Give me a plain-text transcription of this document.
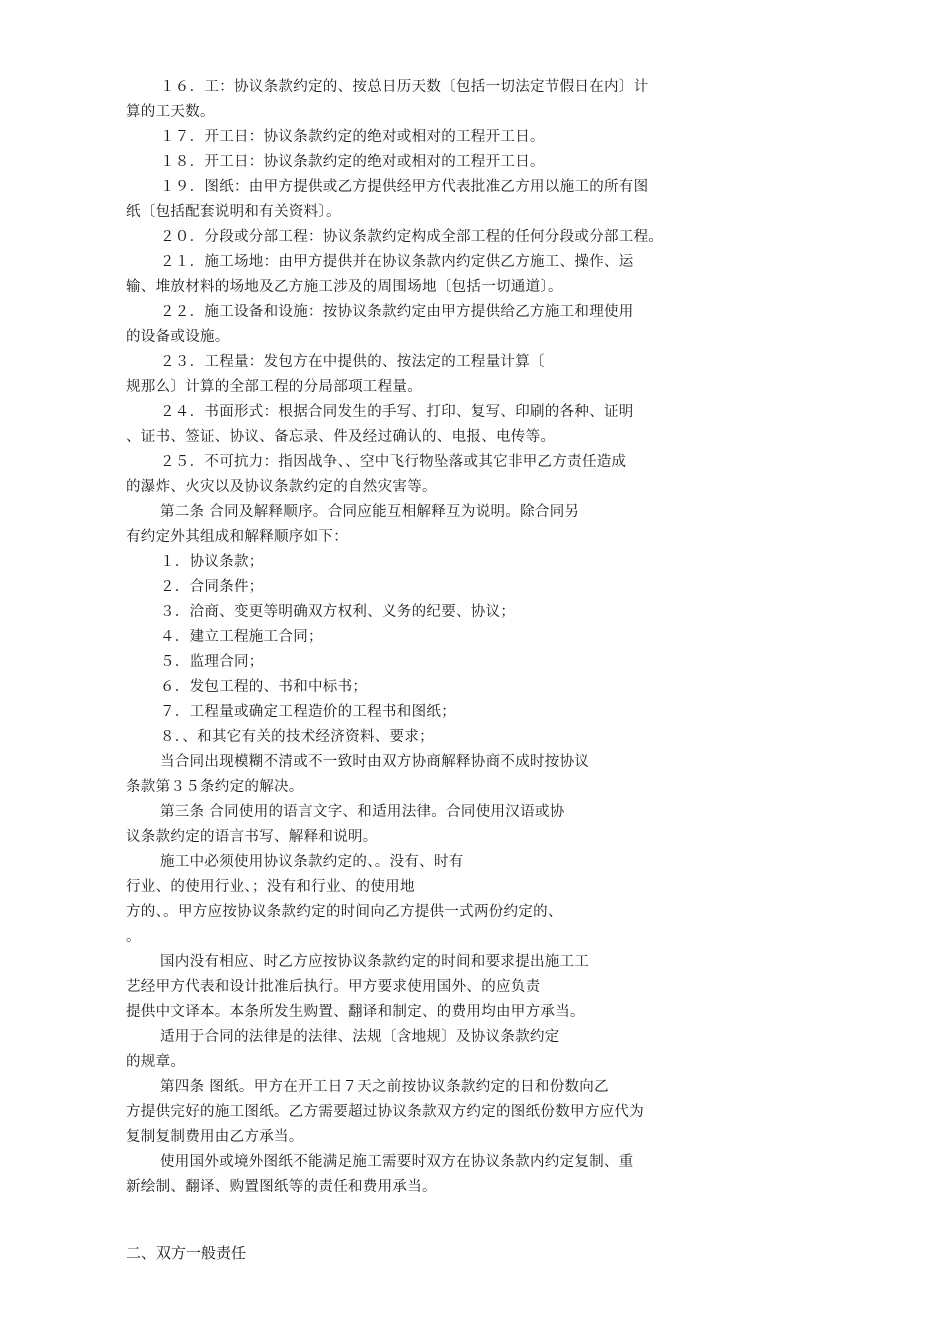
１６．工：协议条款约定的、按总日历天数〔包括一切法定节假日在内〕计
算的工天数。
１７．开工日：协议条款约定的绝对或相对的工程开工日。
１８．开工日：协议条款约定的绝对或相对的工程开工日。
１９．图纸：由甲方提供或乙方提供经甲方代表批准乙方用以施工的所有图
纸〔包括配套说明和有关资料〕。
２０．分段或分部工程：协议条款约定构成全部工程的任何分段或分部工程。
２１．施工场地：由甲方提供并在协议条款内约定供乙方施工、操作、运
输、堆放材料的场地及乙方施工涉及的周围场地〔包括一切通道〕。
２２．施工设备和设施：按协议条款约定由甲方提供给乙方施工和理使用
的设备或设施。
２３．工程量：发包方在中提供的、按法定的工程量计算〔
规那么〕计算的全部工程的分局部项工程量。
２４．书面形式：根据合同发生的手写、打印、复写、印刷的各种、证明
、证书、签证、协议、备忘录、件及经过确认的、电报、电传等。
２５．不可抗力：指因战争、、空中飞行物坠落或其它非甲乙方责任造成
的瀑炸、火灾以及协议条款约定的自然灾害等。
第二条 合同及解释顺序。合同应能互相解释互为说明。除合同另
有约定外其组成和解释顺序如下：
１．协议条款；
２．合同条件；
３．洽商、变更等明确双方权利、义务的纪要、协议；
４．建立工程施工合同；
５．监理合同；
６．发包工程的、书和中标书；
７．工程量或确定工程造价的工程书和图纸；
８．、和其它有关的技术经济资料、要求；
当合同出现模糊不清或不一致时由双方协商解释协商不成时按协议
条款第３５条约定的解决。
第三条 合同使用的语言文字、和适用法律。合同使用汉语或协
议条款约定的语言书写、解释和说明。
施工中必须使用协议条款约定的、。没有、时有
行业、的使用行业、；没有和行业、的使用地
方的、。甲方应按协议条款约定的时间向乙方提供一式两份约定的、
。
国内没有相应、时乙方应按协议条款约定的时间和要求提出施工工
艺经甲方代表和设计批准后执行。甲方要求使用国外、的应负责
提供中文译本。本条所发生购置、翻译和制定、的费用均由甲方承当。
适用于合同的法律是的法律、法规〔含地规〕及协议条款约定
的规章。
第四条 图纸。甲方在开工日７天之前按协议条款约定的日和份数向乙
方提供完好的施工图纸。乙方需要超过协议条款双方约定的图纸份数甲方应代为
复制复制费用由乙方承当。
使用国外或境外图纸不能满足施工需要时双方在协议条款内约定复制、重
新绘制、翻译、购置图纸等的责任和费用承当。
二、双方一般责任
